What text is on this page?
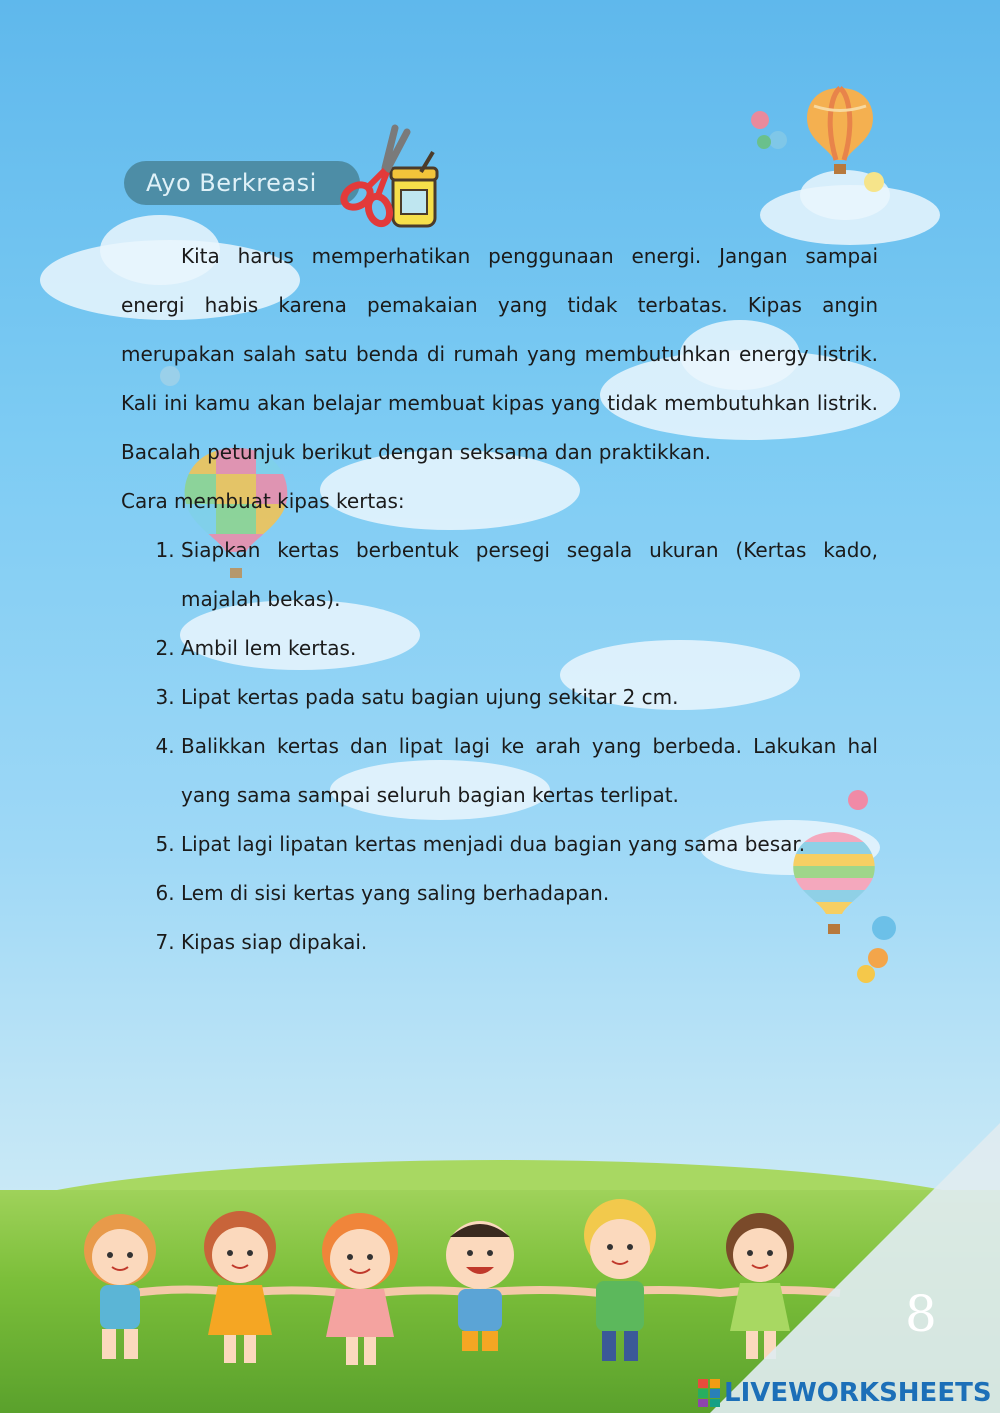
Ayo Berkreasi

Kita harus memperhatikan penggunaan energi. Jangan sampai energi habis karena pemakaian yang tidak terbatas. Kipas angin merupakan salah satu benda di rumah yang membutuhkan energy listrik. Kali ini kamu akan belajar membuat kipas yang tidak membutuhkan listrik. Bacalah petunjuk berikut dengan seksama dan praktikkan.

Cara membuat kipas kertas:

1. Siapkan kertas berbentuk persegi segala ukuran (Kertas kado, majalah bekas).
2. Ambil lem kertas.
3. Lipat kertas pada satu bagian ujung sekitar 2 cm.
4. Balikkan kertas dan lipat lagi ke arah yang berbeda. Lakukan hal yang sama sampai seluruh bagian kertas terlipat.
5. Lipat lagi lipatan kertas menjadi dua bagian yang sama besar.
6. Lem di sisi kertas yang saling berhadapan.
7. Kipas siap dipakai.
8
LIVEWORKSHEETS
